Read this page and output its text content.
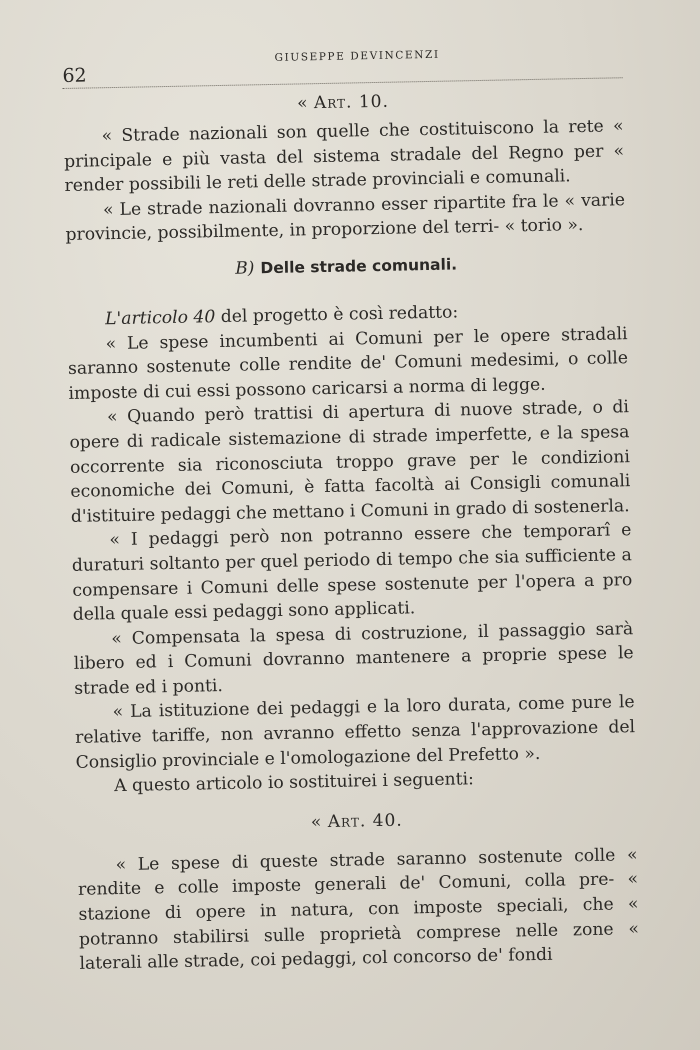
62
GIUSEPPE DEVINCENZI
« Art. 10.

« Strade nazionali son quelle che costituiscono la rete « principale e più vasta del sistema stradale del Regno per « render possibili le reti delle strade provinciali e comunali.

« Le strade nazionali dovranno esser ripartite fra le « varie provincie, possibilmente, in proporzione del terri- « torio ».

B) Delle strade comunali.

L'articolo 40 del progetto è così redatto:

« Le spese incumbenti ai Comuni per le opere stradali saranno sostenute colle rendite de' Comuni medesimi, o colle imposte di cui essi possono caricarsi a norma di legge.

« Quando però trattisi di apertura di nuove strade, o di opere di radicale sistemazione di strade imperfette, e la spesa occorrente sia riconosciuta troppo grave per le condizioni economiche dei Comuni, è fatta facoltà ai Consigli comunali d'istituire pedaggi che mettano i Comuni in grado di sostenerla.

« I pedaggi però non potranno essere che temporarî e duraturi soltanto per quel periodo di tempo che sia sufficiente a compensare i Comuni delle spese sostenute per l'opera a pro della quale essi pedaggi sono applicati.

« Compensata la spesa di costruzione, il passaggio sarà libero ed i Comuni dovranno mantenere a proprie spese le strade ed i ponti.

« La istituzione dei pedaggi e la loro durata, come pure le relative tariffe, non avranno effetto senza l'approvazione del Consiglio provinciale e l'omologazione del Prefetto ».

A questo articolo io sostituirei i seguenti:

« Art. 40.

« Le spese di queste strade saranno sostenute colle « rendite e colle imposte generali de' Comuni, colla pre- « stazione di opere in natura, con imposte speciali, che « potranno stabilirsi sulle proprietà comprese nelle zone « laterali alle strade, coi pedaggi, col concorso de' fondi
